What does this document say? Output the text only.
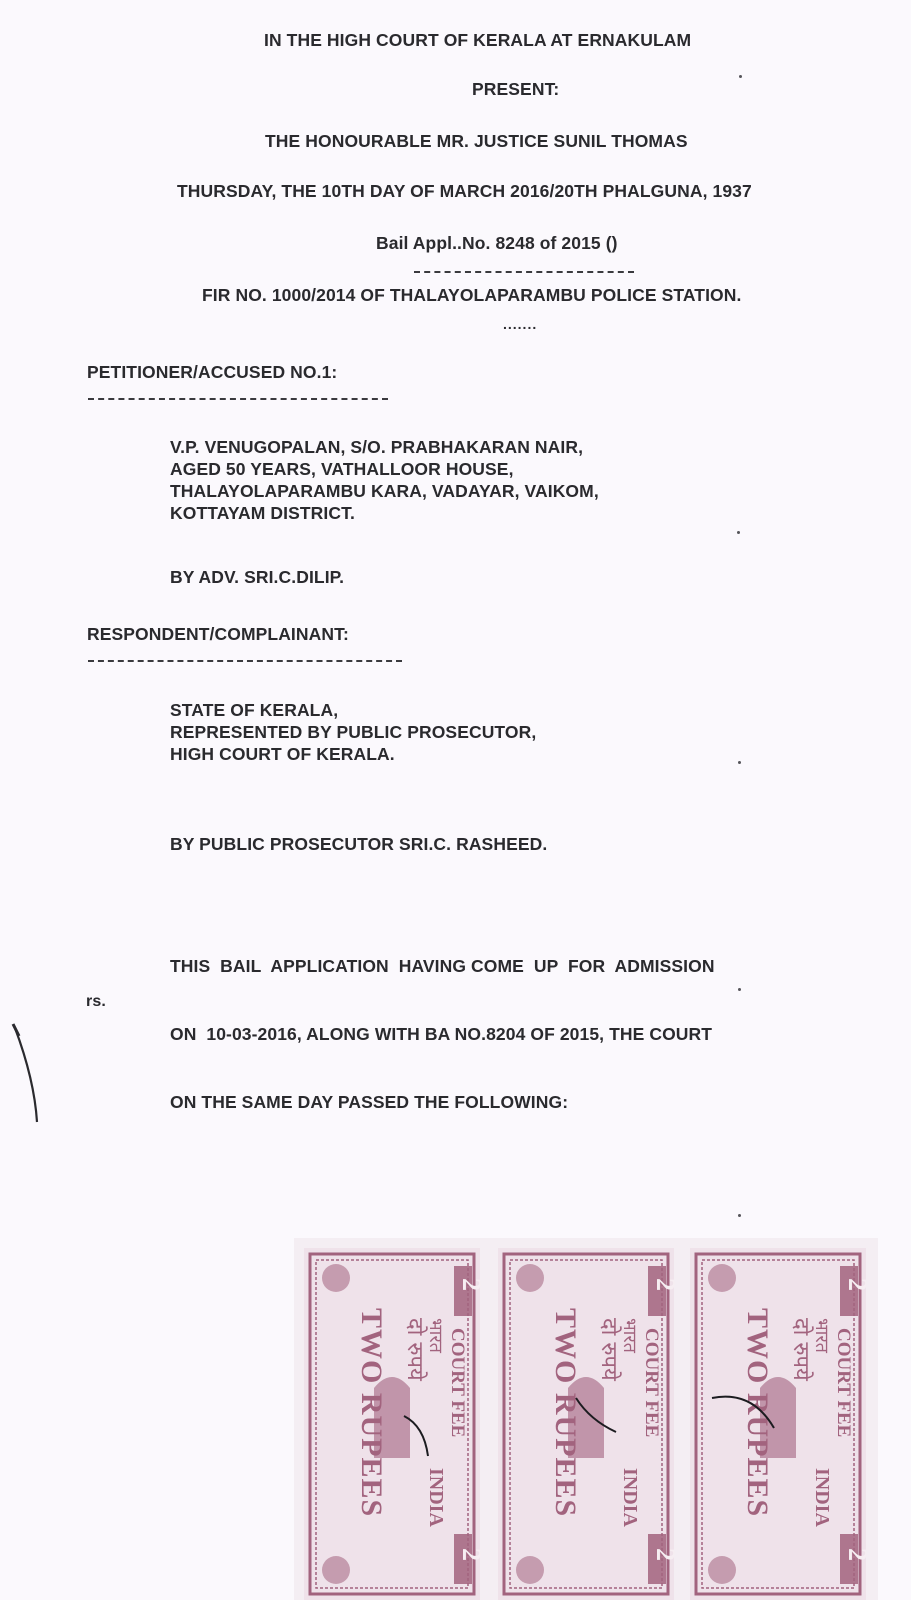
IN THE HIGH COURT OF KERALA AT ERNAKULAM

PRESENT:

THE HONOURABLE MR. JUSTICE SUNIL THOMAS

THURSDAY, THE 10TH DAY OF MARCH 2016/20TH PHALGUNA, 1937

Bail Appl..No. 8248 of 2015 ()

FIR NO. 1000/2014 OF THALAYOLAPARAMBU POLICE STATION.

.......

PETITIONER/ACCUSED NO.1:

V.P. VENUGOPALAN, S/O. PRABHAKARAN NAIR,
AGED 50 YEARS, VATHALLOOR HOUSE,
THALAYOLAPARAMBU KARA, VADAYAR, VAIKOM,
KOTTAYAM DISTRICT.

BY ADV. SRI.C.DILIP.

RESPONDENT/COMPLAINANT:

STATE OF KERALA,
REPRESENTED BY PUBLIC PROSECUTOR,
HIGH COURT OF KERALA.

BY PUBLIC PROSECUTOR SRI.C. RASHEED.

THIS  BAIL  APPLICATION  HAVING COME  UP  FOR  ADMISSION

ON  10-03-2016, ALONG WITH BA NO.8204 OF 2015, THE COURT

ON THE SAME DAY PASSED THE FOLLOWING:

rs.

2
2
TWO RUPEES दो रुपये
भारत COURT FEE
INDIA
2
2
TWO RUPEES दो रुपये
भारत COURT FEE
INDIA
2
2
TWO RUPEES दो रुपये
भारत COURT FEE
INDIA
